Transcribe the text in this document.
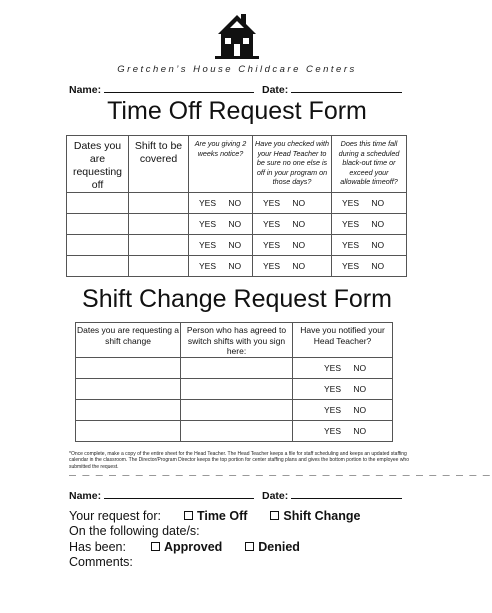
Gretchen’s House Childcare Centers
Name:	Date:
Time Off Request Form
Dates you are requesting off	Shift to be covered	Are you giving 2 weeks notice?	Have you checked with your Head Teacher to be sure no one else is off in your program on those days?	Does this time fall during a scheduled black-out time or exceed your allowable timeoff?
		YES NO	YES NO	YES NO
		YES NO	YES NO	YES NO
		YES NO	YES NO	YES NO
		YES NO	YES NO	YES NO
Shift Change Request Form
Dates you are requesting a shift change	Person who has agreed to switch shifts with you sign here:	Have you notified your Head Teacher?
		YES NO
		YES NO
		YES NO
		YES NO
*Once complete, make a copy of the entire sheet for the Head Teacher. The Head Teacher keeps a file for staff scheduling and keeps an updated staffing calendar in the classroom. The Director/Program Director keeps the top portion for center staffing plans and gives the bottom portion to the employee who submitted the request.
— — — — — — — — — — — — — — — — — — — — — — — — — — — — — — — —
Name:	Date:
Your request for:	Time Off	Shift Change
On the following date/s:
Has been:	Approved	Denied
Comments:
